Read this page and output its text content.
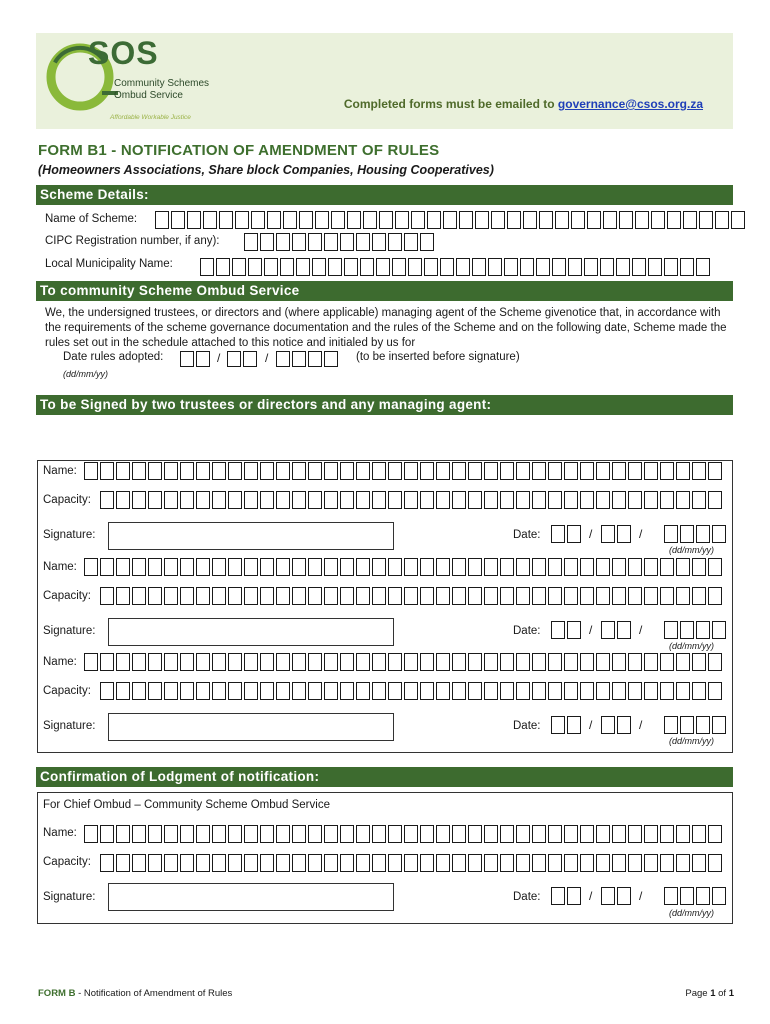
SOS
Community Schemes
Ombud Service
Affordable Workable Justice
Completed forms must be emailed to governance@csos.org.za
FORM B1 - NOTIFICATION OF AMENDMENT OF RULES
(Homeowners Associations, Share block Companies, Housing Cooperatives)
Scheme Details:
Name of Scheme:
CIPC Registration number, if any):
Local Municipality Name:
To community Scheme Ombud Service
We, the undersigned trustees, or directors and (where applicable) managing agent of the Scheme givenotice that, in accordance with the requirements of the scheme governance documentation and the rules of the Scheme and on the following date, Scheme made the rules set out in the schedule attached to this notice and initialed by us for
Date rules adopted:	/	/	(to be inserted before signature)
(dd/mm/yy)
To be Signed by two trustees or directors and any managing agent:
Name:
Capacity:
Signature:	Date:	/	/
(dd/mm/yy)
Name:
Capacity:
Signature:	Date:	/	/
(dd/mm/yy)
Name:
Capacity:
Signature:	Date:	/	/
(dd/mm/yy)
Confirmation of Lodgment of notification:
For Chief Ombud – Community Scheme Ombud Service
Name:
Capacity:
Signature:	Date:	/	/
(dd/mm/yy)
FORM B - Notification of Amendment of Rules	Page 1 of 1
